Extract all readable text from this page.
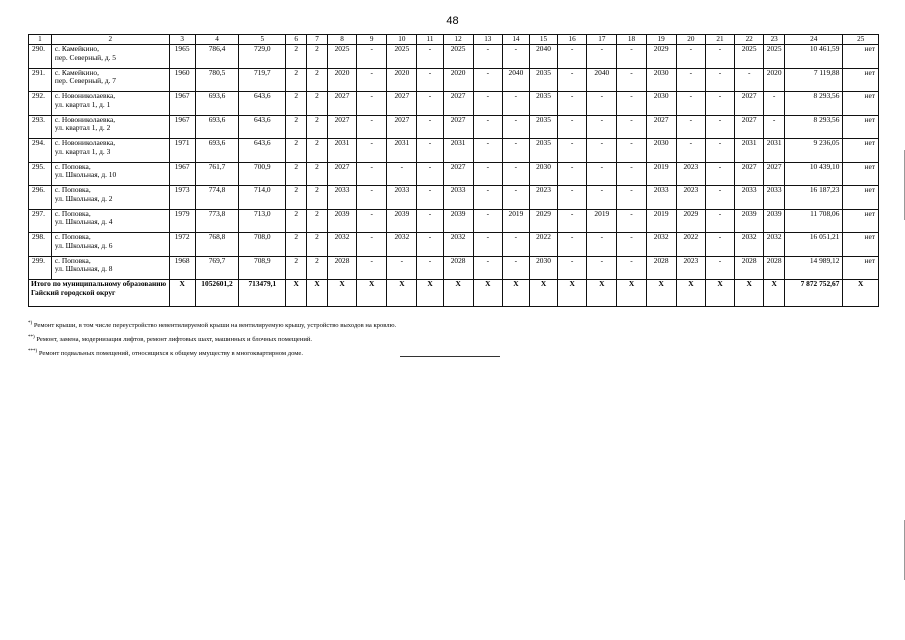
48
1	2	3	4	5	6	7	8	9	10	11	12	13	14	15	16	17	18	19	20	21	22	23	24	25
290.	с. Камейкино,
пер. Северный, д. 5	1965	786,4	729,0	2	2	2025	-	2025	-	2025	-	-	2040	-	-	-	2029	-	-	2025	2025	10 461,59	нет
291.	с. Камейкино,
пер. Северный, д. 7	1960	780,5	719,7	2	2	2020	-	2020	-	2020	-	2040	2035	-	2040	-	2030	-	-	-	2020	7 119,88	нет
292.	с. Новониколаевка,
ул. квартал 1, д. 1	1967	693,6	643,6	2	2	2027	-	2027	-	2027	-	-	2035	-	-	-	2030	-	-	2027	-	8 293,56	нет
293.	с. Новониколаевка,
ул. квартал 1, д. 2	1967	693,6	643,6	2	2	2027	-	2027	-	2027	-	-	2035	-	-	-	2027	-	-	2027	-	8 293,56	нет
294.	с. Новониколаевка,
ул. квартал 1, д. 3	1971	693,6	643,6	2	2	2031	-	2031	-	2031	-	-	2035	-	-	-	2030	-	-	2031	2031	9 236,05	нет
295.	с. Поповка,
ул. Школьная, д. 10	1967	761,7	700,9	2	2	2027	-	-	-	2027	-	-	2030	-	-	-	2019	2023	-	2027	2027	10 439,10	нет
296.	с. Поповка,
ул. Школьная, д. 2	1973	774,8	714,0	2	2	2033	-	2033	-	2033	-	-	2023	-	-	-	2033	2023	-	2033	2033	16 187,23	нет
297.	с. Поповка,
ул. Школьная, д. 4	1979	773,8	713,0	2	2	2039	-	2039	-	2039	-	2019	2029	-	2019	-	2019	2029	-	2039	2039	11 708,06	нет
298.	с. Поповка,
ул. Школьная, д. 6	1972	768,8	708,0	2	2	2032	-	2032	-	2032	-	-	2022	-	-	-	2032	2022	-	2032	2032	16 051,21	нет
299.	с. Поповка,
ул. Школьная, д. 8	1968	769,7	708,9	2	2	2028	-	-	-	2028	-	-	2030	-	-	-	2028	2023	-	2028	2028	14 989,12	нет
Итого по муниципальному образованию Гайский городской округ		X	1052601,2	713479,1	X	X	X	X	X	X	X	X	X	X	X	X	X	X	X	X	X	X	7 872 752,67	X
*) Ремонт крыши, в том числе переустройство невентилируемой крыши на вентилируемую крышу, устройство выходов на кровлю.
**) Ремонт, замена, модернизация лифтов, ремонт лифтовых шахт, машинных и блочных помещений.
***) Ремонт подвальных помещений, относящихся к общему имуществу в многоквартирном доме.
